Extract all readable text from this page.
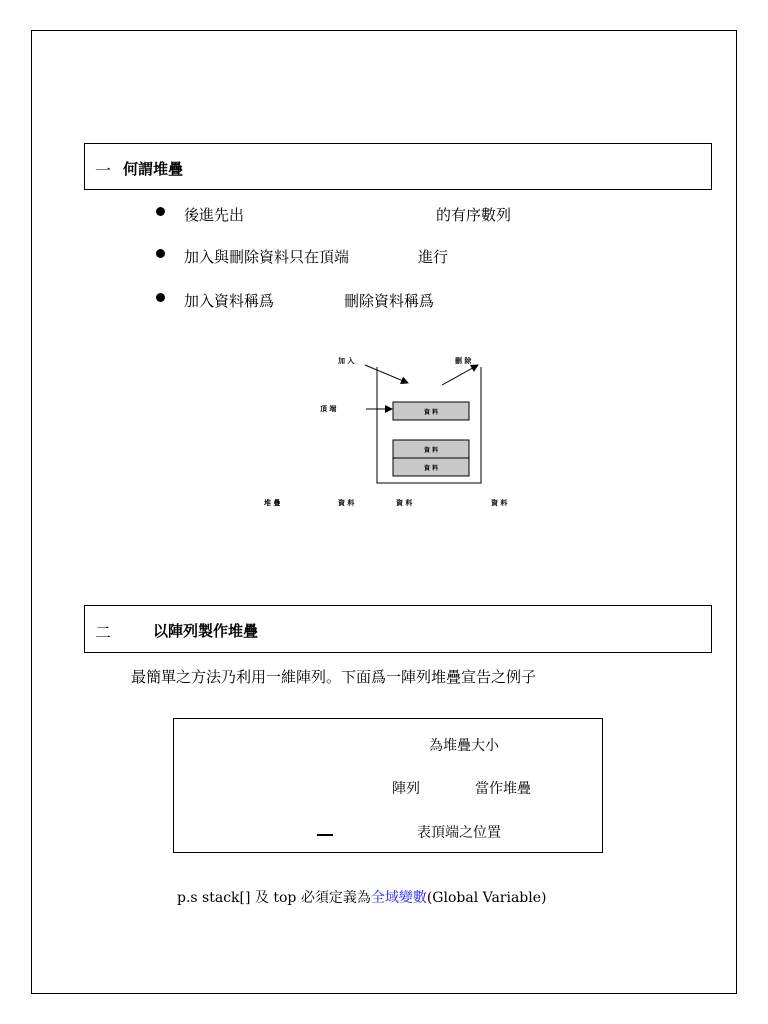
一 何謂堆疊
後進先出	的有序數列
加入與刪除資料只在頂端	進行
加入資料稱爲	刪除資料稱爲
加 入	刪 除
頂 端	資 料
資 料
資 料
堆 疊	資 料	資 料	資 料
二	以陣列製作堆疊
最簡單之方法乃利用一維陣列。下面爲一陣列堆疊宣告之例子
為堆疊大小
陣列	當作堆疊
表頂端之位置
p.s stack[] 及 top 必須定義為全域變數(Global Variable)
